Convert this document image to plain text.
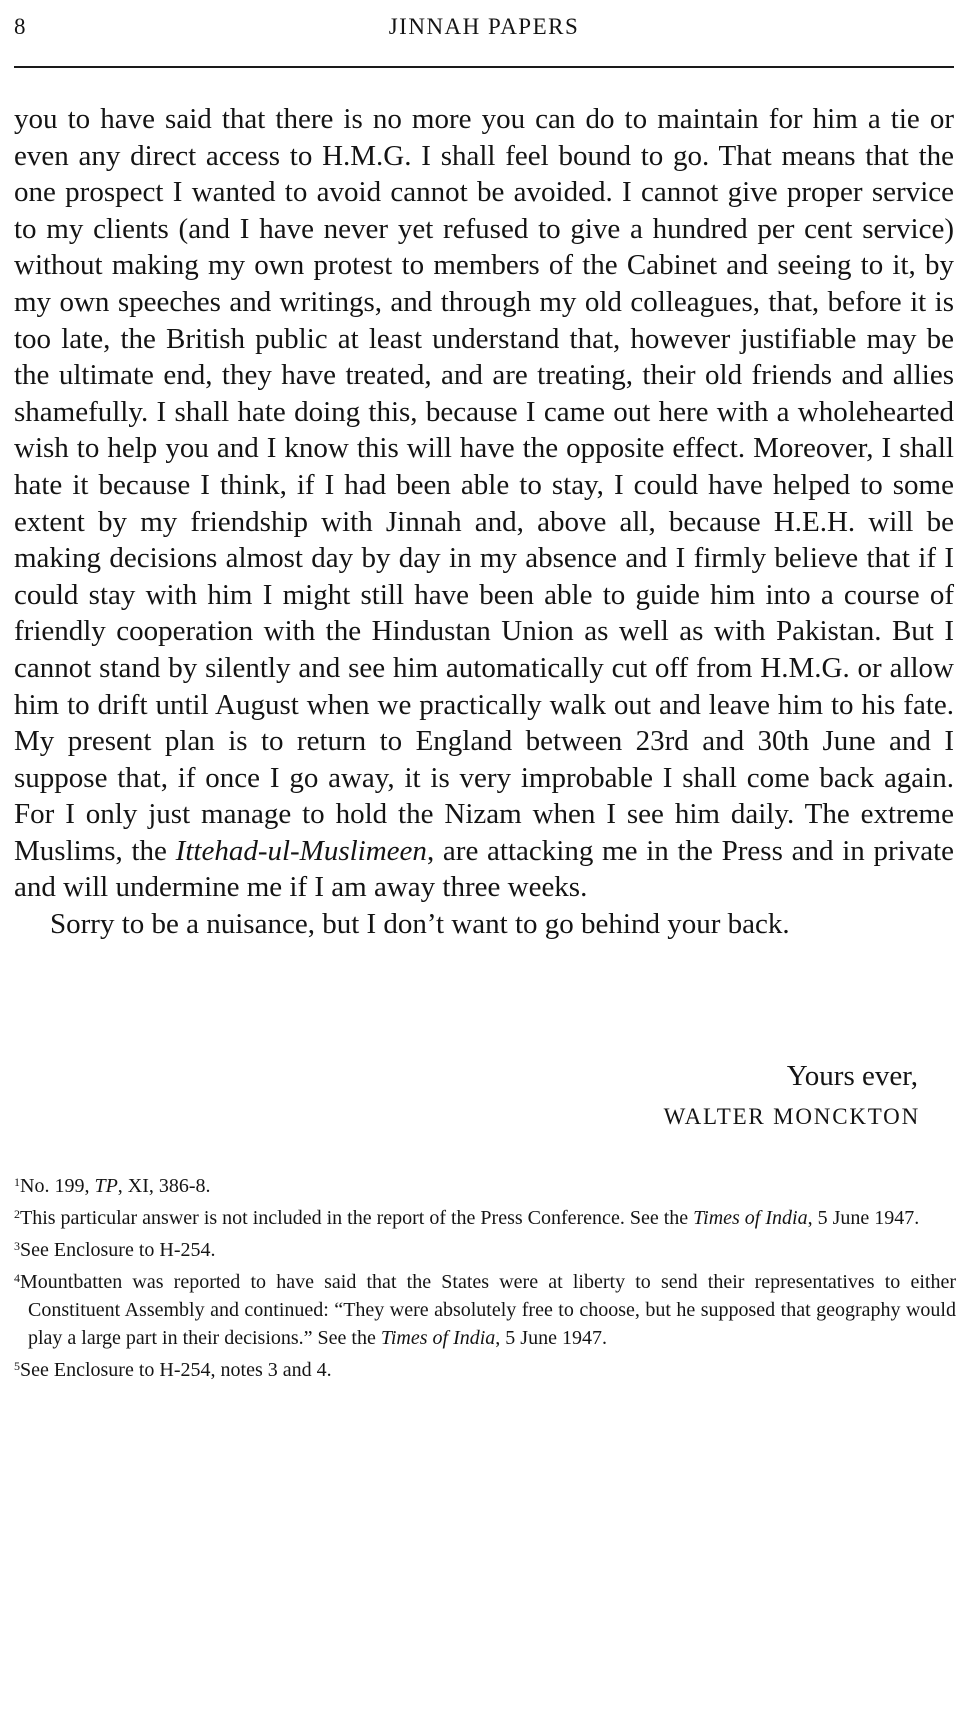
8	JINNAH PAPERS

you to have said that there is no more you can do to maintain for him a tie or even any direct access to H.M.G. I shall feel bound to go. That means that the one prospect I wanted to avoid cannot be avoided. I cannot give proper service to my clients (and I have never yet refused to give a hundred per cent service) without making my own protest to members of the Cabinet and seeing to it, by my own speeches and writings, and through my old colleagues, that, before it is too late, the British public at least understand that, however justifiable may be the ultimate end, they have treated, and are treating, their old friends and allies shamefully. I shall hate doing this, because I came out here with a wholehearted wish to help you and I know this will have the opposite effect. Moreover, I shall hate it because I think, if I had been able to stay, I could have helped to some extent by my friendship with Jinnah and, above all, because H.E.H. will be making decisions almost day by day in my absence and I firmly believe that if I could stay with him I might still have been able to guide him into a course of friendly cooperation with the Hindustan Union as well as with Pakistan. But I cannot stand by silently and see him automatically cut off from H.M.G. or allow him to drift until August when we practically walk out and leave him to his fate. My present plan is to return to England between 23rd and 30th June and I suppose that, if once I go away, it is very improbable I shall come back again. For I only just manage to hold the Nizam when I see him daily. The extreme Muslims, the Ittehad-ul-Muslimeen, are attacking me in the Press and in private and will undermine me if I am away three weeks.

Sorry to be a nuisance, but I don’t want to go behind your back.

Yours ever,
WALTER MONCKTON
$^1$No. 199, TP, XI, 386-8.
$^2$This particular answer is not included in the report of the Press Conference. See the Times of India, 5 June 1947.
$^3$See Enclosure to H-254.
$^4$Mountbatten was reported to have said that the States were at liberty to send their representatives to either Constituent Assembly and continued: “They were absolutely free to choose, but he supposed that geography would play a large part in their decisions.” See the Times of India, 5 June 1947.
$^5$See Enclosure to H-254, notes 3 and 4.
